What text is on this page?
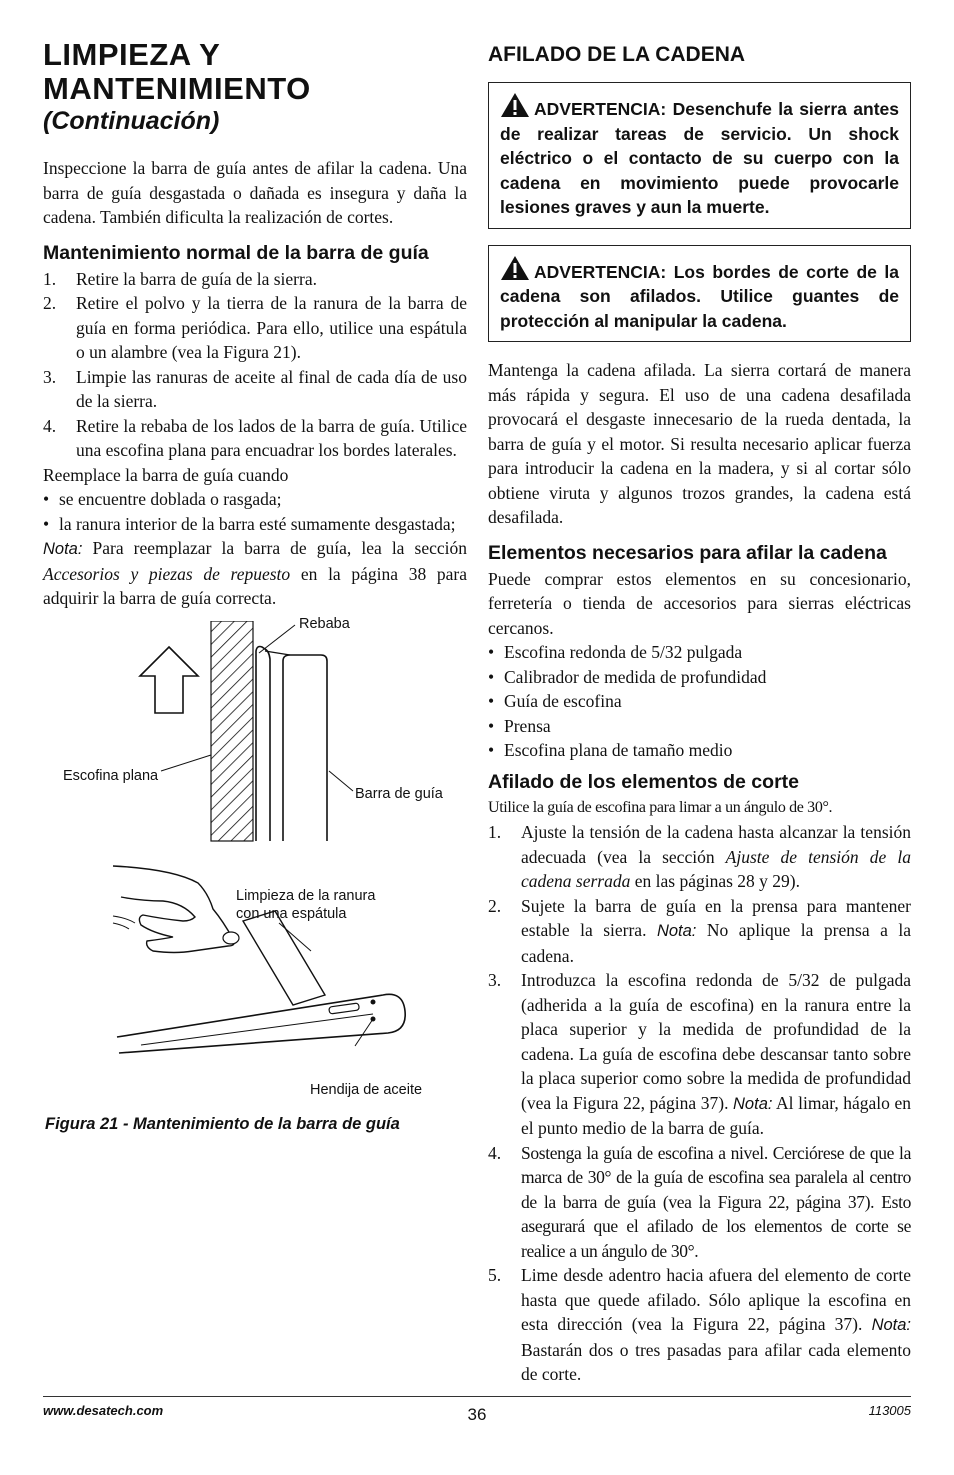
LIMPIEZA Y
MANTENIMIENTO
(Continuación)

Inspeccione la barra de guía antes de afilar la cadena. Una barra de guía desgastada o dañada es insegura y daña la cadena. También dificulta la realización de cortes.

Mantenimiento normal de la barra de guía
1.	Retire la barra de guía de la sierra.
2.	Retire el polvo y la tierra de la ranura de la barra de guía en forma periódica. Para ello, utilice una espátula o un alambre (vea la Figura 21).
3.	Limpie las ranuras de aceite al final de cada día de uso de la sierra.
4.	Retire la rebaba de los lados de la barra de guía. Utilice una escofina plana para encuadrar los bordes laterales.

Reemplace la barra de guía cuando

• se encuentre doblada o rasgada;
• la ranura interior de la barra esté sumamente desgastada;

Nota: Para reemplazar la barra de guía, lea la sección Accesorios y piezas de repuesto en la página 38 para adquirir la barra de guía correcta.

Rebaba
Escofina plana
Barra de guía
Limpieza de la ranura
con una espátula
Hendija de aceite
Figura 21 - Mantenimiento de la barra de guía
AFILADO DE LA CADENA
ADVERTENCIA: Desenchufe la sierra antes de realizar tareas de servicio. Un shock eléctrico o el contacto de su cuerpo con la cadena en movimiento puede provocarle lesiones graves y aun la muerte.
ADVERTENCIA: Los bordes de corte de la cadena son afilados. Utilice guantes de protección al manipular la cadena.

Mantenga la cadena afilada. La sierra cortará de manera más rápida y segura. El uso de una cadena desafilada provocará el desgaste innecesario de la rueda dentada, la barra de guía y el motor. Si resulta necesario aplicar fuerza para introducir la cadena en la madera, y si al cortar sólo obtiene viruta y algunos trozos grandes, la cadena está desafilada.

Elementos necesarios para afilar la cadena

Puede comprar estos elementos en su concesionario, ferretería o tienda de accesorios para sierras eléctricas cercanos.

• Escofina redonda de 5/32 pulgada
• Calibrador de medida de profundidad
• Guía de escofina
• Prensa
• Escofina plana de tamaño medio
Afilado de los elementos de corte

Utilice la guía de escofina para limar a un ángulo de 30°.

1.	Ajuste la tensión de la cadena hasta alcanzar la tensión adecuada (vea la sección Ajuste de tensión de la cadena serrada en las páginas 28 y 29).
2.	Sujete la barra de guía en la prensa para mantener estable la sierra. Nota: No aplique la prensa a la cadena.
3.	Introduzca la escofina redonda de 5/32 de pulgada (adherida a la guía de escofina) en la ranura entre la placa superior y la medida de profundidad de la cadena. La guía de escofina debe descansar tanto sobre la placa superior como sobre la medida de profundidad (vea la Figura 22, página 37). Nota: Al limar, hágalo en el punto medio de la barra de guía.
4.	Sostenga la guía de escofina a nivel. Cerciórese de que la marca de 30° de la guía de escofina sea paralela al centro de la barra de guía (vea la Figura 22, página 37). Esto asegurará que el afilado de los elementos de corte se realice a un ángulo de 30°.
5.	Lime desde adentro hacia afuera del elemento de corte hasta que quede afilado. Sólo aplique la escofina en esta dirección (vea la Figura 22, página 37). Nota: Bastarán dos o tres pasadas para afilar cada elemento de corte.
www.desatech.com	36	113005
